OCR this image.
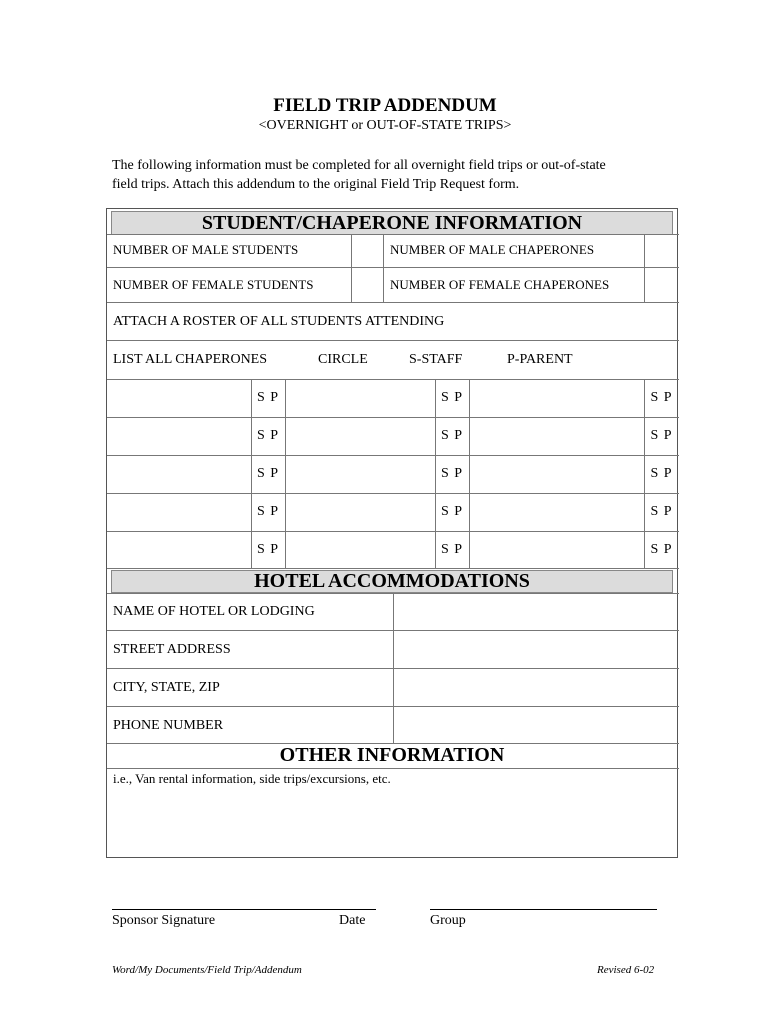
FIELD TRIP ADDENDUM
<OVERNIGHT or OUT-OF-STATE TRIPS>
The following information must be completed for all overnight field trips or out-of-state
field trips. Attach this addendum to the original Field Trip Request form.
STUDENT/CHAPERONE INFORMATION
NUMBER OF MALE STUDENTS	NUMBER OF MALE CHAPERONES
NUMBER OF FEMALE STUDENTS	NUMBER OF FEMALE CHAPERONES
ATTACH A ROSTER OF ALL STUDENTS ATTENDING
LIST ALL CHAPERONES	CIRCLE	S-STAFF	P-PARENT
S P	S P	S P
S P	S P	S P
S P	S P	S P
S P	S P	S P
S P	S P	S P
HOTEL ACCOMMODATIONS
NAME OF HOTEL OR LODGING
STREET ADDRESS
CITY, STATE, ZIP
PHONE NUMBER
OTHER INFORMATION
i.e., Van rental information, side trips/excursions, etc.
Sponsor Signature	Date	Group
Word/My Documents/Field Trip/Addendum	Revised 6-02
